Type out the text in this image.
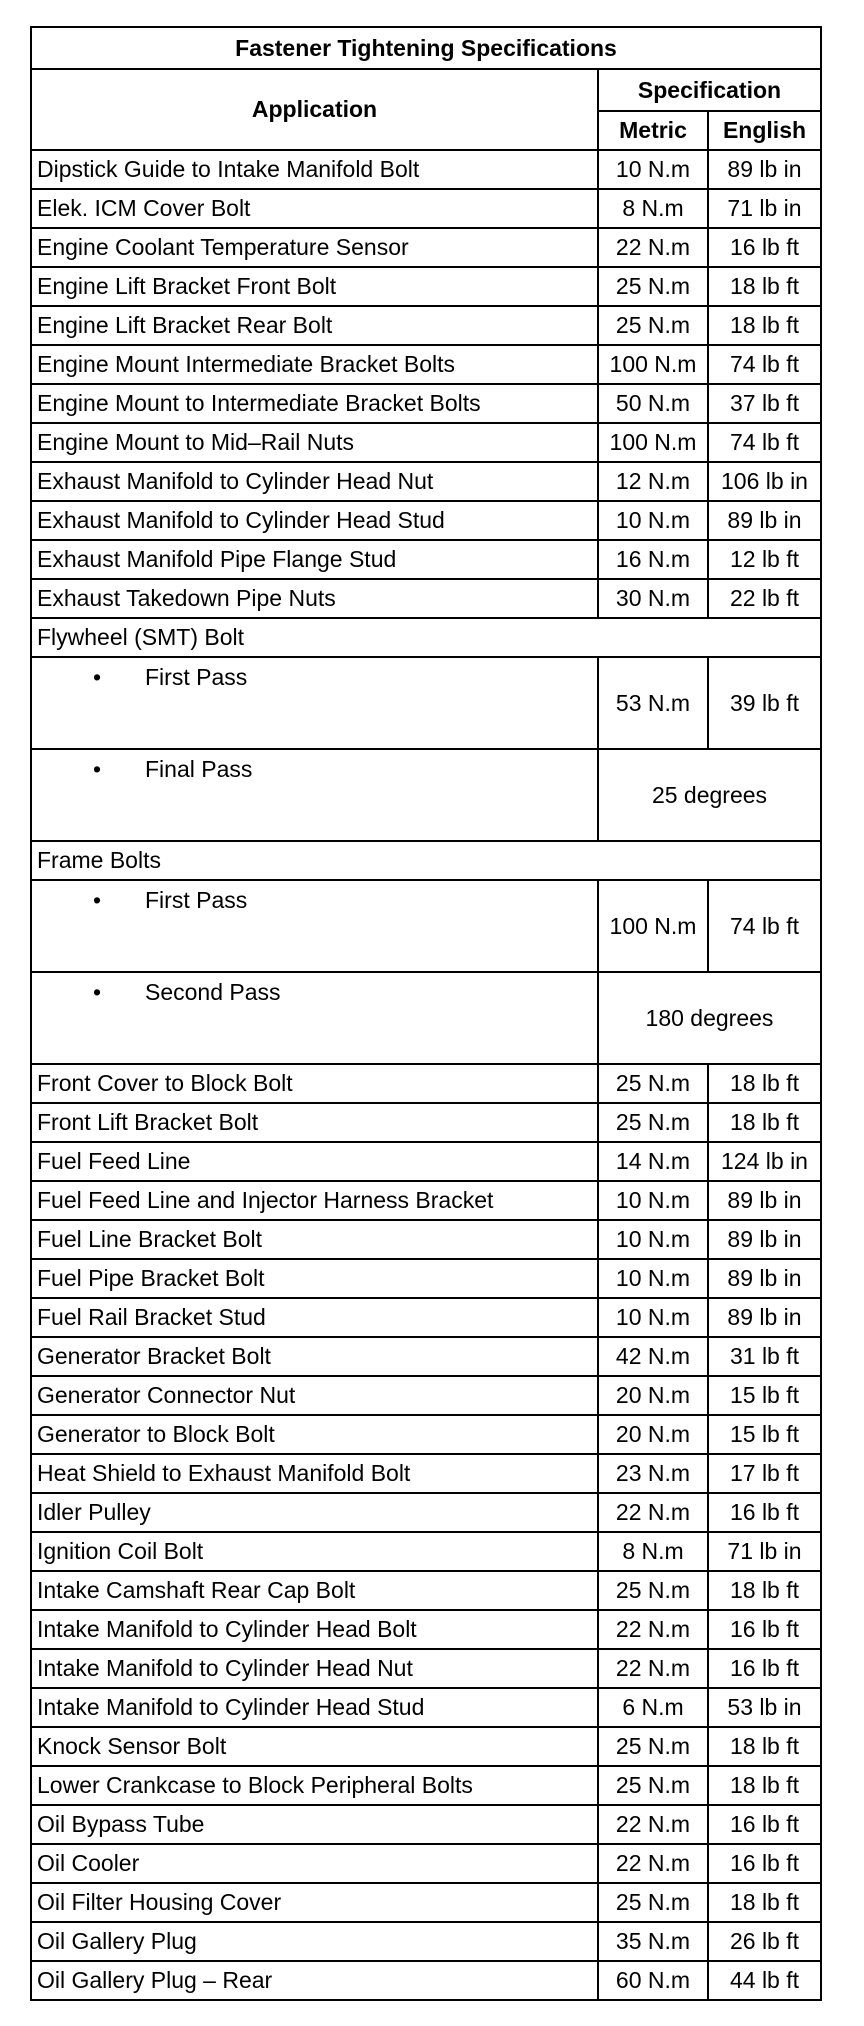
Fastener Tightening Specifications		
Application	Specification	
	Metric	English
Dipstick Guide to Intake Manifold Bolt	10 N.m	89 lb in
Elek. ICM Cover Bolt	8 N.m	71 lb in
Engine Coolant Temperature Sensor	22 N.m	16 lb ft
Engine Lift Bracket Front Bolt	25 N.m	18 lb ft
Engine Lift Bracket Rear Bolt	25 N.m	18 lb ft
Engine Mount Intermediate Bracket Bolts	100 N.m	74 lb ft
Engine Mount to Intermediate Bracket Bolts	50 N.m	37 lb ft
Engine Mount to Mid–Rail Nuts	100 N.m	74 lb ft
Exhaust Manifold to Cylinder Head Nut	12 N.m	106 lb in
Exhaust Manifold to Cylinder Head Stud	10 N.m	89 lb in
Exhaust Manifold Pipe Flange Stud	16 N.m	12 lb ft
Exhaust Takedown Pipe Nuts	30 N.m	22 lb ft
Flywheel (SMT) Bolt		
• First Pass	53 N.m	39 lb ft
• Final Pass	25 degrees	
Frame Bolts		
• First Pass	100 N.m	74 lb ft
• Second Pass	180 degrees	
Front Cover to Block Bolt	25 N.m	18 lb ft
Front Lift Bracket Bolt	25 N.m	18 lb ft
Fuel Feed Line	14 N.m	124 lb in
Fuel Feed Line and Injector Harness Bracket	10 N.m	89 lb in
Fuel Line Bracket Bolt	10 N.m	89 lb in
Fuel Pipe Bracket Bolt	10 N.m	89 lb in
Fuel Rail Bracket Stud	10 N.m	89 lb in
Generator Bracket Bolt	42 N.m	31 lb ft
Generator Connector Nut	20 N.m	15 lb ft
Generator to Block Bolt	20 N.m	15 lb ft
Heat Shield to Exhaust Manifold Bolt	23 N.m	17 lb ft
Idler Pulley	22 N.m	16 lb ft
Ignition Coil Bolt	8 N.m	71 lb in
Intake Camshaft Rear Cap Bolt	25 N.m	18 lb ft
Intake Manifold to Cylinder Head Bolt	22 N.m	16 lb ft
Intake Manifold to Cylinder Head Nut	22 N.m	16 lb ft
Intake Manifold to Cylinder Head Stud	6 N.m	53 lb in
Knock Sensor Bolt	25 N.m	18 lb ft
Lower Crankcase to Block Peripheral Bolts	25 N.m	18 lb ft
Oil Bypass Tube	22 N.m	16 lb ft
Oil Cooler	22 N.m	16 lb ft
Oil Filter Housing Cover	25 N.m	18 lb ft
Oil Gallery Plug	35 N.m	26 lb ft
Oil Gallery Plug – Rear	60 N.m	44 lb ft
